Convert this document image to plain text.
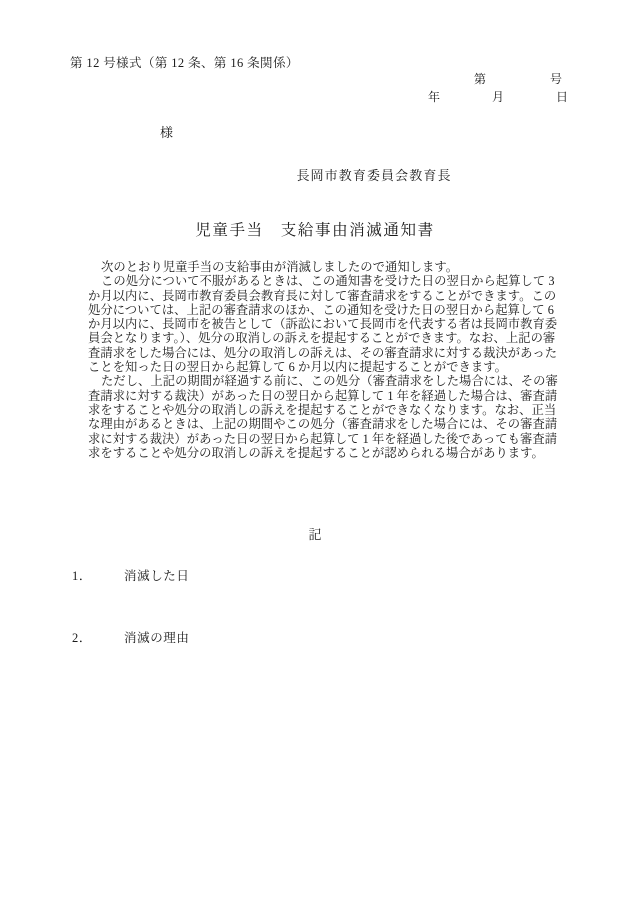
第 12 号様式（第 12 条、第 16 条関係）
第	号
年	月	日
様
長岡市教育委員会教育長
児童手当　支給事由消滅通知書

次のとおり児童手当の支給事由が消滅しましたので通知します。

この処分について不服があるときは、この通知書を受けた日の翌日から起算して 3
か月以内に、長岡市教育委員会教育長に対して審査請求をすることができます。この
処分については、上記の審査請求のほか、この通知を受けた日の翌日から起算して 6
か月以内に、長岡市を被告として（訴訟において長岡市を代表する者は長岡市教育委
員会となります。）、処分の取消しの訴えを提起することができます。なお、上記の審
査請求をした場合には、処分の取消しの訴えは、その審査請求に対する裁決があった
ことを知った日の翌日から起算して 6 か月以内に提起することができます。

ただし、上記の期間が経過する前に、この処分（審査請求をした場合には、その審
査請求に対する裁決）があった日の翌日から起算して 1 年を経過した場合は、審査請
求をすることや処分の取消しの訴えを提起することができなくなります。なお、正当
な理由があるときは、上記の期間やこの処分（審査請求をした場合には、その審査請
求に対する裁決）があった日の翌日から起算して 1 年を経過した後であっても審査請
求をすることや処分の取消しの訴えを提起することが認められる場合があります。

記
1．	消滅した日
2．	消滅の理由
